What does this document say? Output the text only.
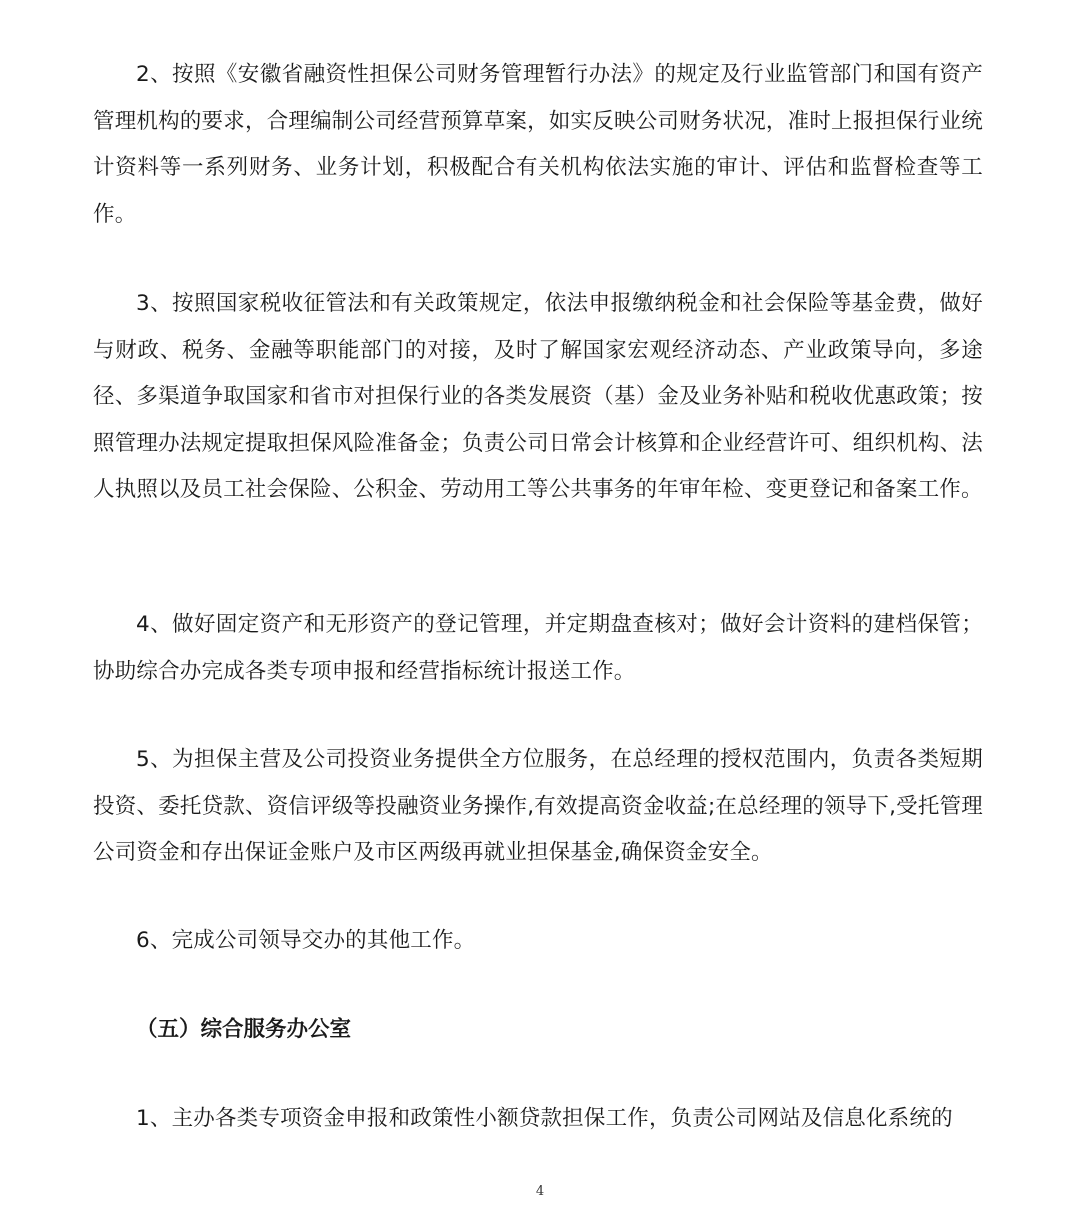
2、按照《安徽省融资性担保公司财务管理暂行办法》的规定及行业监管部门和国有资产管理机构的要求，合理编制公司经营预算草案，如实反映公司财务状况，准时上报担保行业统计资料等一系列财务、业务计划，积极配合有关机构依法实施的审计、评估和监督检查等工作。

3、按照国家税收征管法和有关政策规定，依法申报缴纳税金和社会保险等基金费，做好与财政、税务、金融等职能部门的对接，及时了解国家宏观经济动态、产业政策导向，多途径、多渠道争取国家和省市对担保行业的各类发展资（基）金及业务补贴和税收优惠政策；按照管理办法规定提取担保风险准备金；负责公司日常会计核算和企业经营许可、组织机构、法人执照以及员工社会保险、公积金、劳动用工等公共事务的年审年检、变更登记和备案工作。

4、做好固定资产和无形资产的登记管理，并定期盘查核对；做好会计资料的建档保管；协助综合办完成各类专项申报和经营指标统计报送工作。

5、为担保主营及公司投资业务提供全方位服务，在总经理的授权范围内，负责各类短期投资、委托贷款、资信评级等投融资业务操作,有效提高资金收益;在总经理的领导下,受托管理公司资金和存出保证金账户及市区两级再就业担保基金,确保资金安全。

6、完成公司领导交办的其他工作。

（五）综合服务办公室

1、主办各类专项资金申报和政策性小额贷款担保工作，负责公司网站及信息化系统的

4
